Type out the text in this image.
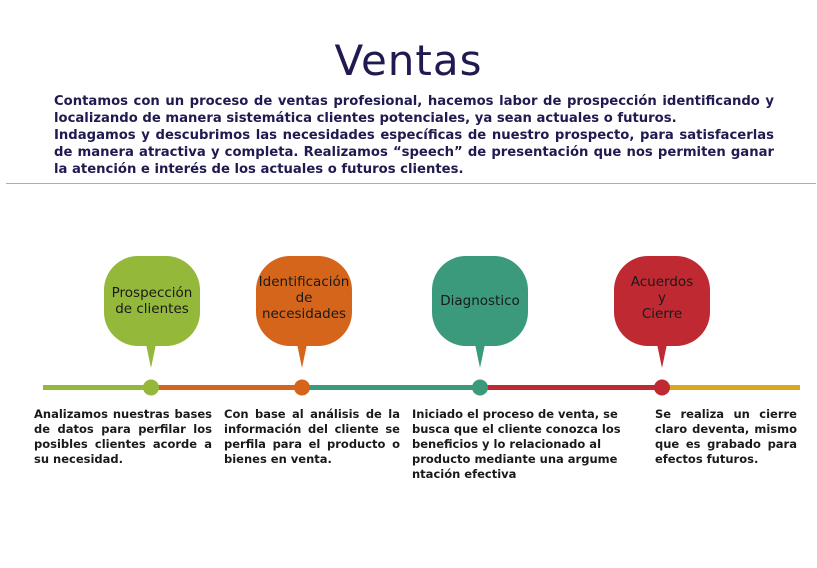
Ventas

Contamos con un proceso de ventas profesional, hacemos labor de prospección identificando y localizando de manera sistemática clientes potenciales, ya sean actuales o futuros.

Indagamos y descubrimos las necesidades específicas de nuestro prospecto, para satisfacerlas de manera atractiva y completa. Realizamos “speech” de presentación que nos permiten ganar la atención e interés de los actuales o futuros clientes.

Prospección
de clientes
Identificación
de
necesidades
Diagnostico
Acuerdos
y
Cierre
Analizamos nuestras bases de datos para perfilar los posibles clientes acorde a su necesidad.
Con base al análisis de la información del cliente se perfila para el producto o bienes en venta.
Iniciado el proceso de venta, se busca que el cliente conozca los beneficios y lo relacionado al producto mediante una argume ntación efectiva
Se realiza un cierre claro deventa, mismo que es grabado para efectos futuros.
